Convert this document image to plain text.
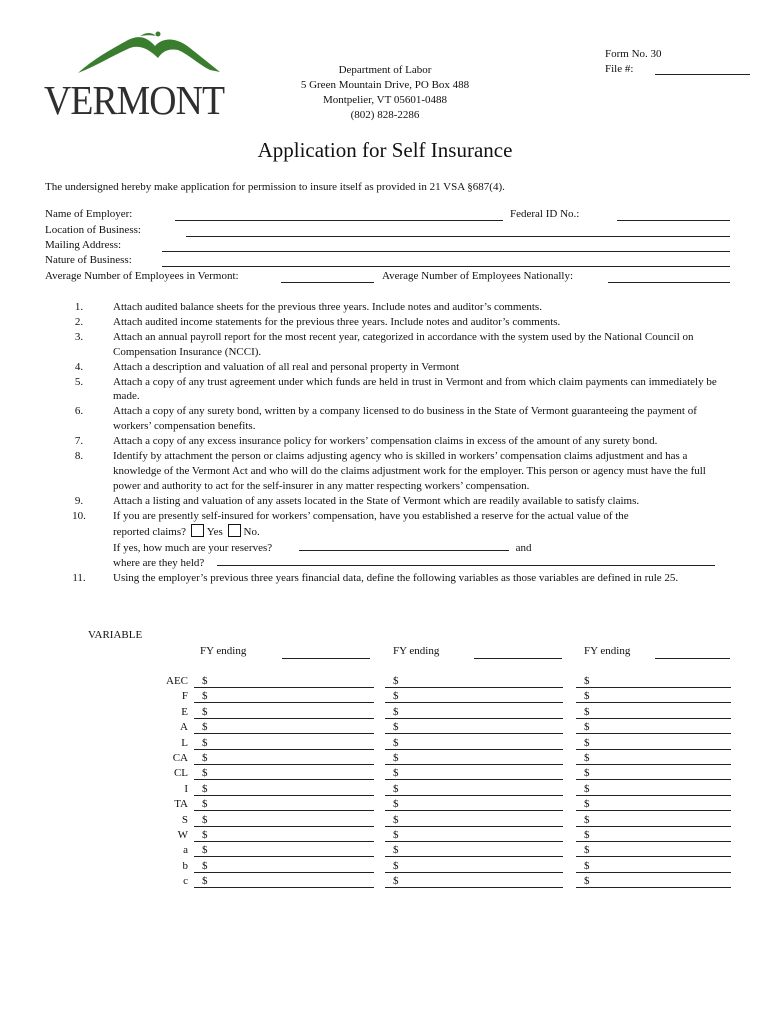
VERMONT
Department of Labor
5 Green Mountain Drive, PO Box 488
Montpelier, VT 05601-0488
(802) 828-2286
Form No. 30
File #:
Application for Self Insurance
The undersigned hereby make application for permission to insure itself as provided in 21 VSA §687(4).
Name of Employer:	Federal ID No.:
Location of Business:
Mailing Address:
Nature of Business:
Average Number of Employees in Vermont:	Average Number of Employees Nationally:
1.	Attach audited balance sheets for the previous three years. Include notes and auditor’s comments.
2.	Attach audited income statements for the previous three years. Include notes and auditor’s comments.
3.	Attach an annual payroll report for the most recent year, categorized in accordance with the system used by the National Council on Compensation Insurance (NCCI).
4.	Attach a description and valuation of all real and personal property in Vermont
5.	Attach a copy of any trust agreement under which funds are held in trust in Vermont and from which claim payments can immediately be made.
6.	Attach a copy of any surety bond, written by a company licensed to do business in the State of Vermont guaranteeing the payment of workers’ compensation benefits.
7.	Attach a copy of any excess insurance policy for workers’ compensation claims in excess of the amount of any surety bond.
8.	Identify by attachment the person or claims adjusting agency who is skilled in workers’ compensation claims adjustment and has a knowledge of the Vermont Act and who will do the claims adjustment work for the employer. This person or agency must have the full power and authority to act for the self-insurer in any matter respecting workers’ compensation.
9.	Attach a listing and valuation of any assets located in the State of Vermont which are readily available to satisfy claims.
10.	If you are presently self-insured for workers’ compensation, have you established a reserve for the actual value of the
reported claims? Yes No.
If yes, how much are your reserves?	and
where are they held?
11.	Using the employer’s previous three years financial data, define the following variables as those variables are defined in rule 25.
VARIABLE
FY ending	FY ending	FY ending
AEC $	$	$
F $	$	$
E $	$	$
A $	$	$
L $	$	$
CA $	$	$
CL $	$	$
I $	$	$
TA $	$	$
S $	$	$
W $	$	$
a $	$	$
b $	$	$
c $	$	$
